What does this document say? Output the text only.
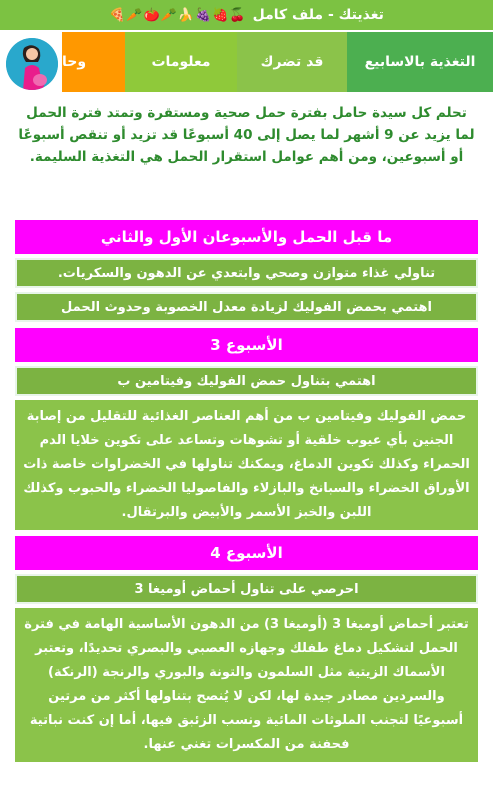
تغذيتك - ملف كامل
🍒🍓🍇🍌🥕🍅🥕🍕
التغذية بالاسابيع
قد تضرك
معلومات
وحا
تحلم كل سيدة حامل بفترة حمل صحية ومستقرة وتمتد فترة الحمل لما يزيد عن 9 أشهر لما يصل إلى 40 أسبوعًا قد تزيد أو تنقص أسبوعًا أو أسبوعين، ومن أهم عوامل استقرار الحمل هي التغذية السليمة.
ما قبل الحمل والأسبوعان الأول والثاني
تناولي غذاء متوازن وصحي وابتعدي عن الدهون والسكريات.
اهتمي بحمض الفوليك لزيادة معدل الخصوبة وحدوث الحمل
الأسبوع 3
اهتمي بتناول حمض الفوليك وفيتامين ب
حمض الفوليك وفيتامين ب من أهم العناصر الغذائية للتقليل من إصابة الجنين بأي عيوب خلقية أو تشوهات وتساعد على تكوين خلايا الدم الحمراء وكذلك تكوين الدماغ، ويمكنك تناولها في الخضراوات خاصة ذات الأوراق الخضراء والسبانخ والبازلاء والفاصوليا الخضراء والحبوب وكذلك اللبن والخبز الأسمر والأبيض والبرتقال.
الأسبوع 4
احرصي على تناول أحماض أوميغا 3
تعتبر أحماض أوميغا 3 (أوميغا 3) من الدهون الأساسية الهامة في فترة الحمل لتشكيل دماغ طفلك وجهازه العصبي والبصري تحديدًا، وتعتبر الأسماك الزيتية مثل السلمون والتونة والبوري والرنجة (الرنكة) والسردين مصادر جيدة لها، لكن لا يُنصح بتناولها أكثر من مرتين أسبوعيًا لتجنب الملوثات المائية ونسب الزئبق فيها، أما إن كنت نباتية فحفنة من المكسرات تغني عنها.
